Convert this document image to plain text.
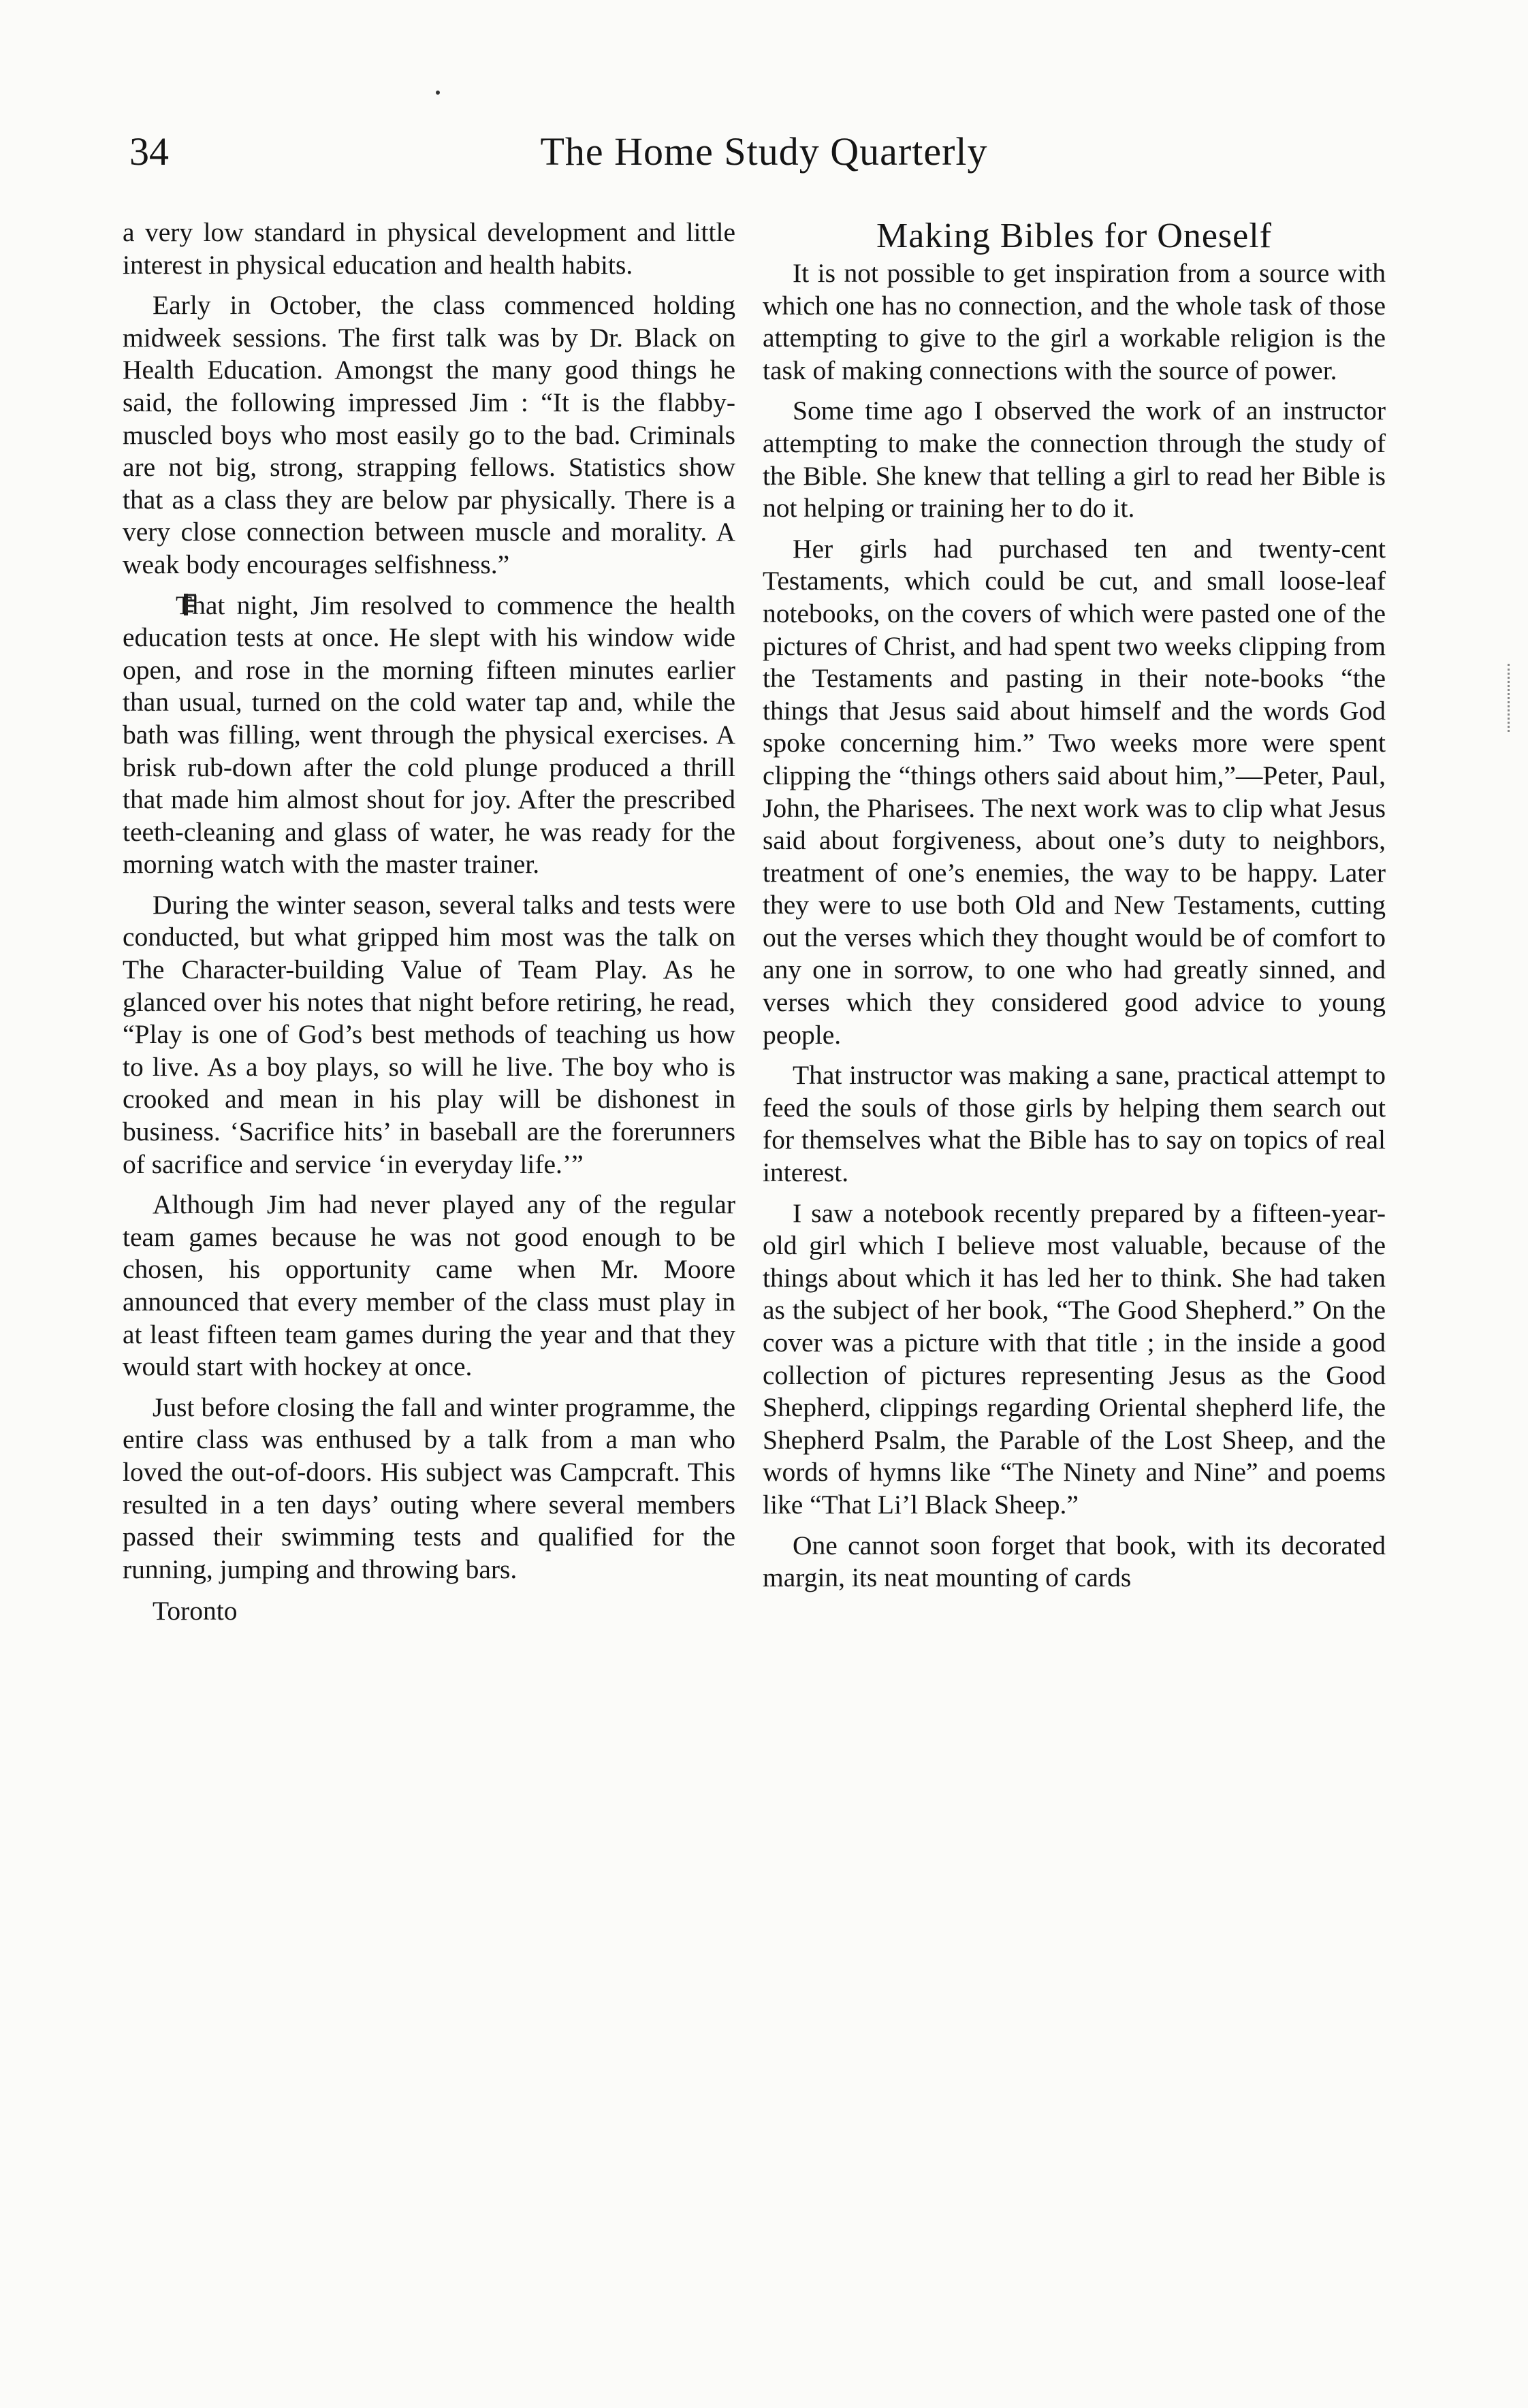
34	The Home Study Quarterly

a very low standard in physical development and little interest in physical education and health habits.

Early in October, the class commenced holding midweek sessions. The first talk was by Dr. Black on Health Education. Amongst the many good things he said, the following impressed Jim : “It is the flabby-muscled boys who most easily go to the bad. Criminals are not big, strong, strapping fellows. Statistics show that as a class they are below par physically. There is a very close connection between muscle and morality. A weak body encourages selfishness.”

That night, Jim resolved to commence the health education tests at once. He slept with his window wide open, and rose in the morning fifteen minutes earlier than usual, turned on the cold water tap and, while the bath was filling, went through the physical exercises. A brisk rub-down after the cold plunge produced a thrill that made him almost shout for joy. After the prescribed teeth-cleaning and glass of water, he was ready for the morning watch with the master trainer.

During the winter season, several talks and tests were conducted, but what gripped him most was the talk on The Character-building Value of Team Play. As he glanced over his notes that night before retiring, he read, “Play is one of God’s best methods of teaching us how to live. As a boy plays, so will he live. The boy who is crooked and mean in his play will be dishonest in business. ‘Sacrifice hits’ in baseball are the forerunners of sacrifice and service ‘in everyday life.’”

Although Jim had never played any of the regular team games because he was not good enough to be chosen, his opportunity came when Mr. Moore announced that every member of the class must play in at least fifteen team games during the year and that they would start with hockey at once.

Just before closing the fall and winter programme, the entire class was enthused by a talk from a man who loved the out-of-doors. His subject was Campcraft. This resulted in a ten days’ outing where several members passed their swimming tests and qualified for the running, jumping and throwing bars.

Toronto

Making Bibles for Oneself

It is not possible to get inspiration from a source with which one has no connection, and the whole task of those attempting to give to the girl a workable religion is the task of making connections with the source of power.

Some time ago I observed the work of an instructor attempting to make the connection through the study of the Bible. She knew that telling a girl to read her Bible is not helping or training her to do it.

Her girls had purchased ten and twenty-cent Testaments, which could be cut, and small loose-leaf notebooks, on the covers of which were pasted one of the pictures of Christ, and had spent two weeks clipping from the Testaments and pasting in their note-books “the things that Jesus said about himself and the words God spoke concerning him.” Two weeks more were spent clipping the “things others said about him,”—Peter, Paul, John, the Pharisees. The next work was to clip what Jesus said about forgiveness, about one’s duty to neighbors, treatment of one’s enemies, the way to be happy. Later they were to use both Old and New Testaments, cutting out the verses which they thought would be of comfort to any one in sorrow, to one who had greatly sinned, and verses which they considered good advice to young people.

That instructor was making a sane, practical attempt to feed the souls of those girls by helping them search out for themselves what the Bible has to say on topics of real interest.

I saw a notebook recently prepared by a fifteen-year-old girl which I believe most valuable, because of the things about which it has led her to think. She had taken as the subject of her book, “The Good Shepherd.” On the cover was a picture with that title ; in the inside a good collection of pictures representing Jesus as the Good Shepherd, clippings regarding Oriental shepherd life, the Shepherd Psalm, the Parable of the Lost Sheep, and the words of hymns like “The Ninety and Nine” and poems like “That Li’l Black Sheep.”

One cannot soon forget that book, with its decorated margin, its neat mounting of cards
